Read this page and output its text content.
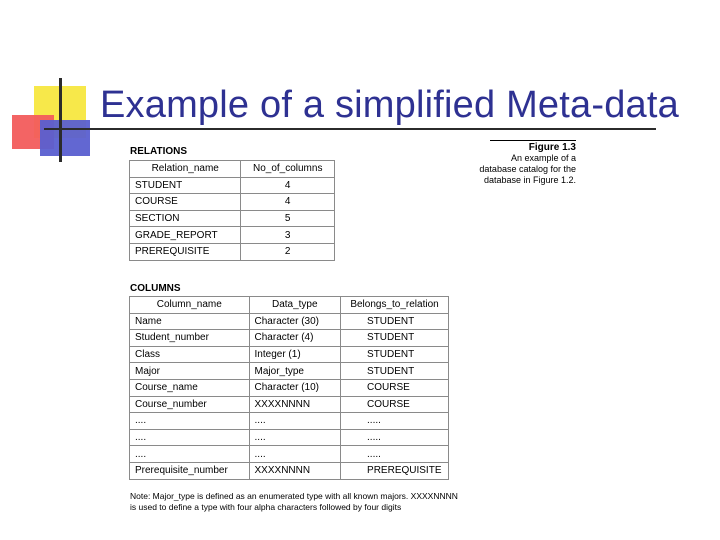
Example of a simplified Meta-data
Figure 1.3
An example of a
database catalog for the
database in Figure 1.2.
RELATIONS
Relation_name	No_of_columns
STUDENT	4
COURSE	4
SECTION	5
GRADE_REPORT	3
PREREQUISITE	2
COLUMNS
Column_name	Data_type	Belongs_to_relation
Name	Character (30)	STUDENT
Student_number	Character (4)	STUDENT
Class	Integer (1)	STUDENT
Major	Major_type	STUDENT
Course_name	Character (10)	COURSE
Course_number	XXXXNNNN	COURSE
....	....	.....
....	....	.....
....	....	.....
Prerequisite_number	XXXXNNNN	PREREQUISITE
Note: Major_type is defined as an enumerated type with all known majors. XXXXNNNN
is used to define a type with four alpha characters followed by four digits
